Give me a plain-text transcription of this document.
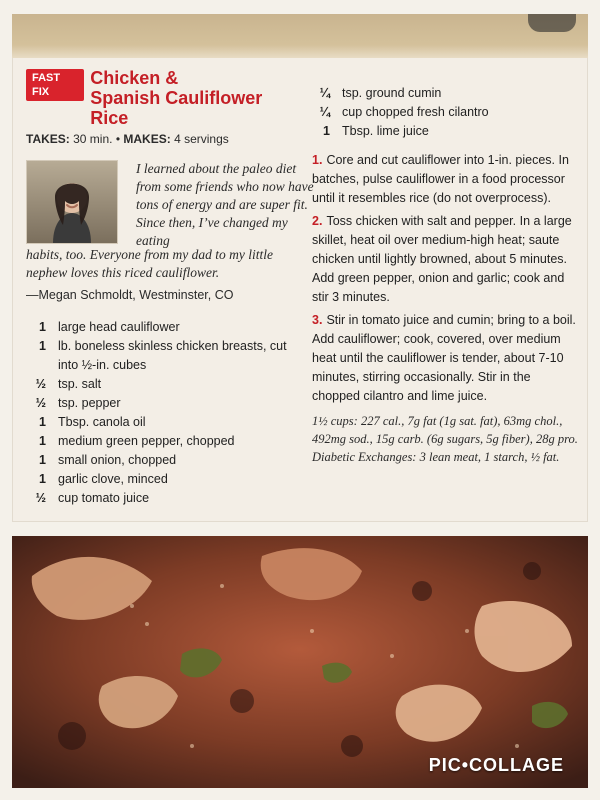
FAST FIX
Chicken &
Spanish Cauliflower Rice
TAKES: 30 min. • MAKES: 4 servings
I learned about the paleo diet from some friends who now have tons of energy and are super fit. Since then, I’ve changed my eating
habits, too. Everyone from my dad to my little nephew loves this riced cauliflower.
—Megan Schmoldt, Westminster, CO
1 large head cauliflower
1 lb. boneless skinless chicken breasts, cut into ½-in. cubes
½ tsp. salt
½ tsp. pepper
1 Tbsp. canola oil
1 medium green pepper, chopped
1 small onion, chopped
1 garlic clove, minced
½ cup tomato juice
¼ tsp. ground cumin
¼ cup chopped fresh cilantro
1 Tbsp. lime juice
1. Core and cut cauliflower into 1-in. pieces. In batches, pulse cauliflower in a food processor until it resembles rice (do not overprocess).
2. Toss chicken with salt and pepper. In a large skillet, heat oil over medium-high heat; saute chicken until lightly browned, about 5 minutes. Add green pepper, onion and garlic; cook and stir 3 minutes.
3. Stir in tomato juice and cumin; bring to a boil. Add cauliflower; cook, covered, over medium heat until the cauliflower is tender, about 7-10 minutes, stirring occasionally. Stir in the chopped cilantro and lime juice.
1½ cups: 227 cal., 7g fat (1g sat. fat), 63mg chol., 492mg sod., 15g carb. (6g sugars, 5g fiber), 28g pro. Diabetic Exchanges: 3 lean meat, 1 starch, ½ fat.
PIC•COLLAGE
